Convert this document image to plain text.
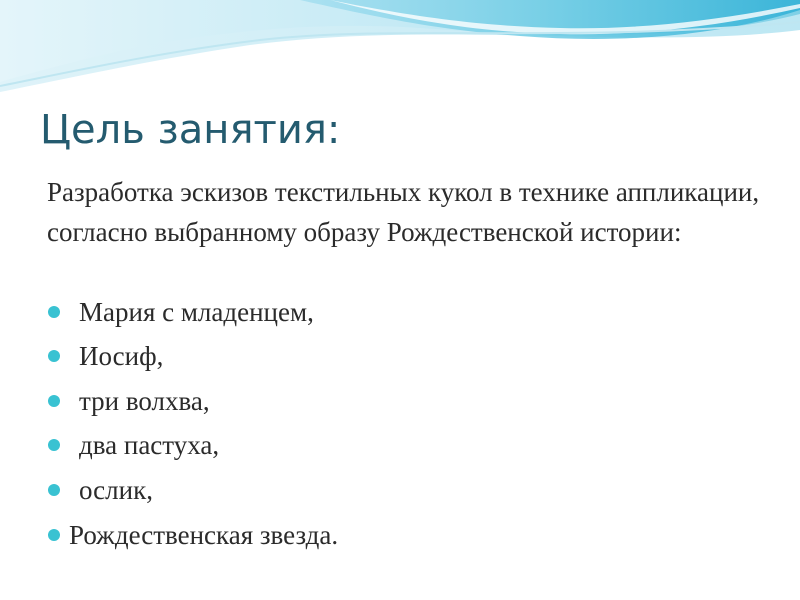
Цель занятия:

Разработка эскизов текстильных кукол в технике аппликации, согласно выбранному образу Рождественской истории:

Мария с младенцем,
Иосиф,
три волхва,
два пастуха,
ослик,
Рождественская звезда.
